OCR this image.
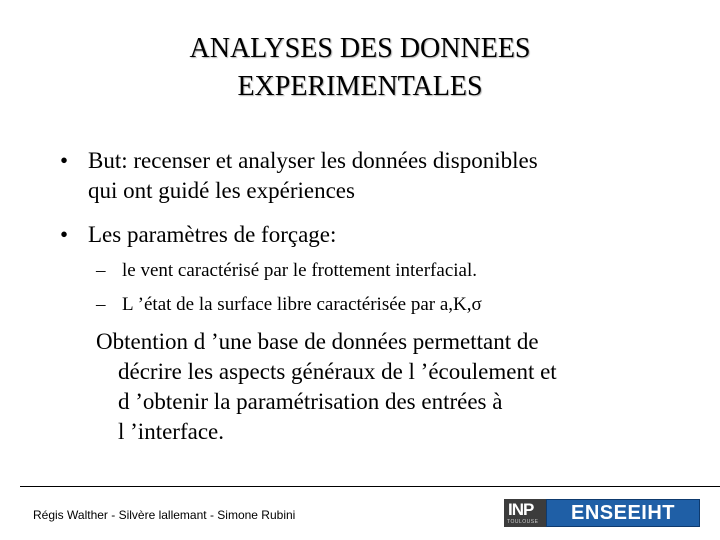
ANALYSES DES DONNEES
EXPERIMENTALES
• But: recenser et analyser les données disponibles
qui ont guidé les expériences
• Les paramètres de forçage:
– le vent caractérisé par le frottement interfacial.
– L ’état de la surface libre caractérisée par a,K,σ
Obtention d ’une base de données permettant de
décrire les aspects généraux de l ’écoulement et
d ’obtenir la paramétrisation des entrées à
l ’interface.
Régis Walther - Silvère lallemant - Simone Rubini	INP
TOULOUSE	ENSEEIHT
